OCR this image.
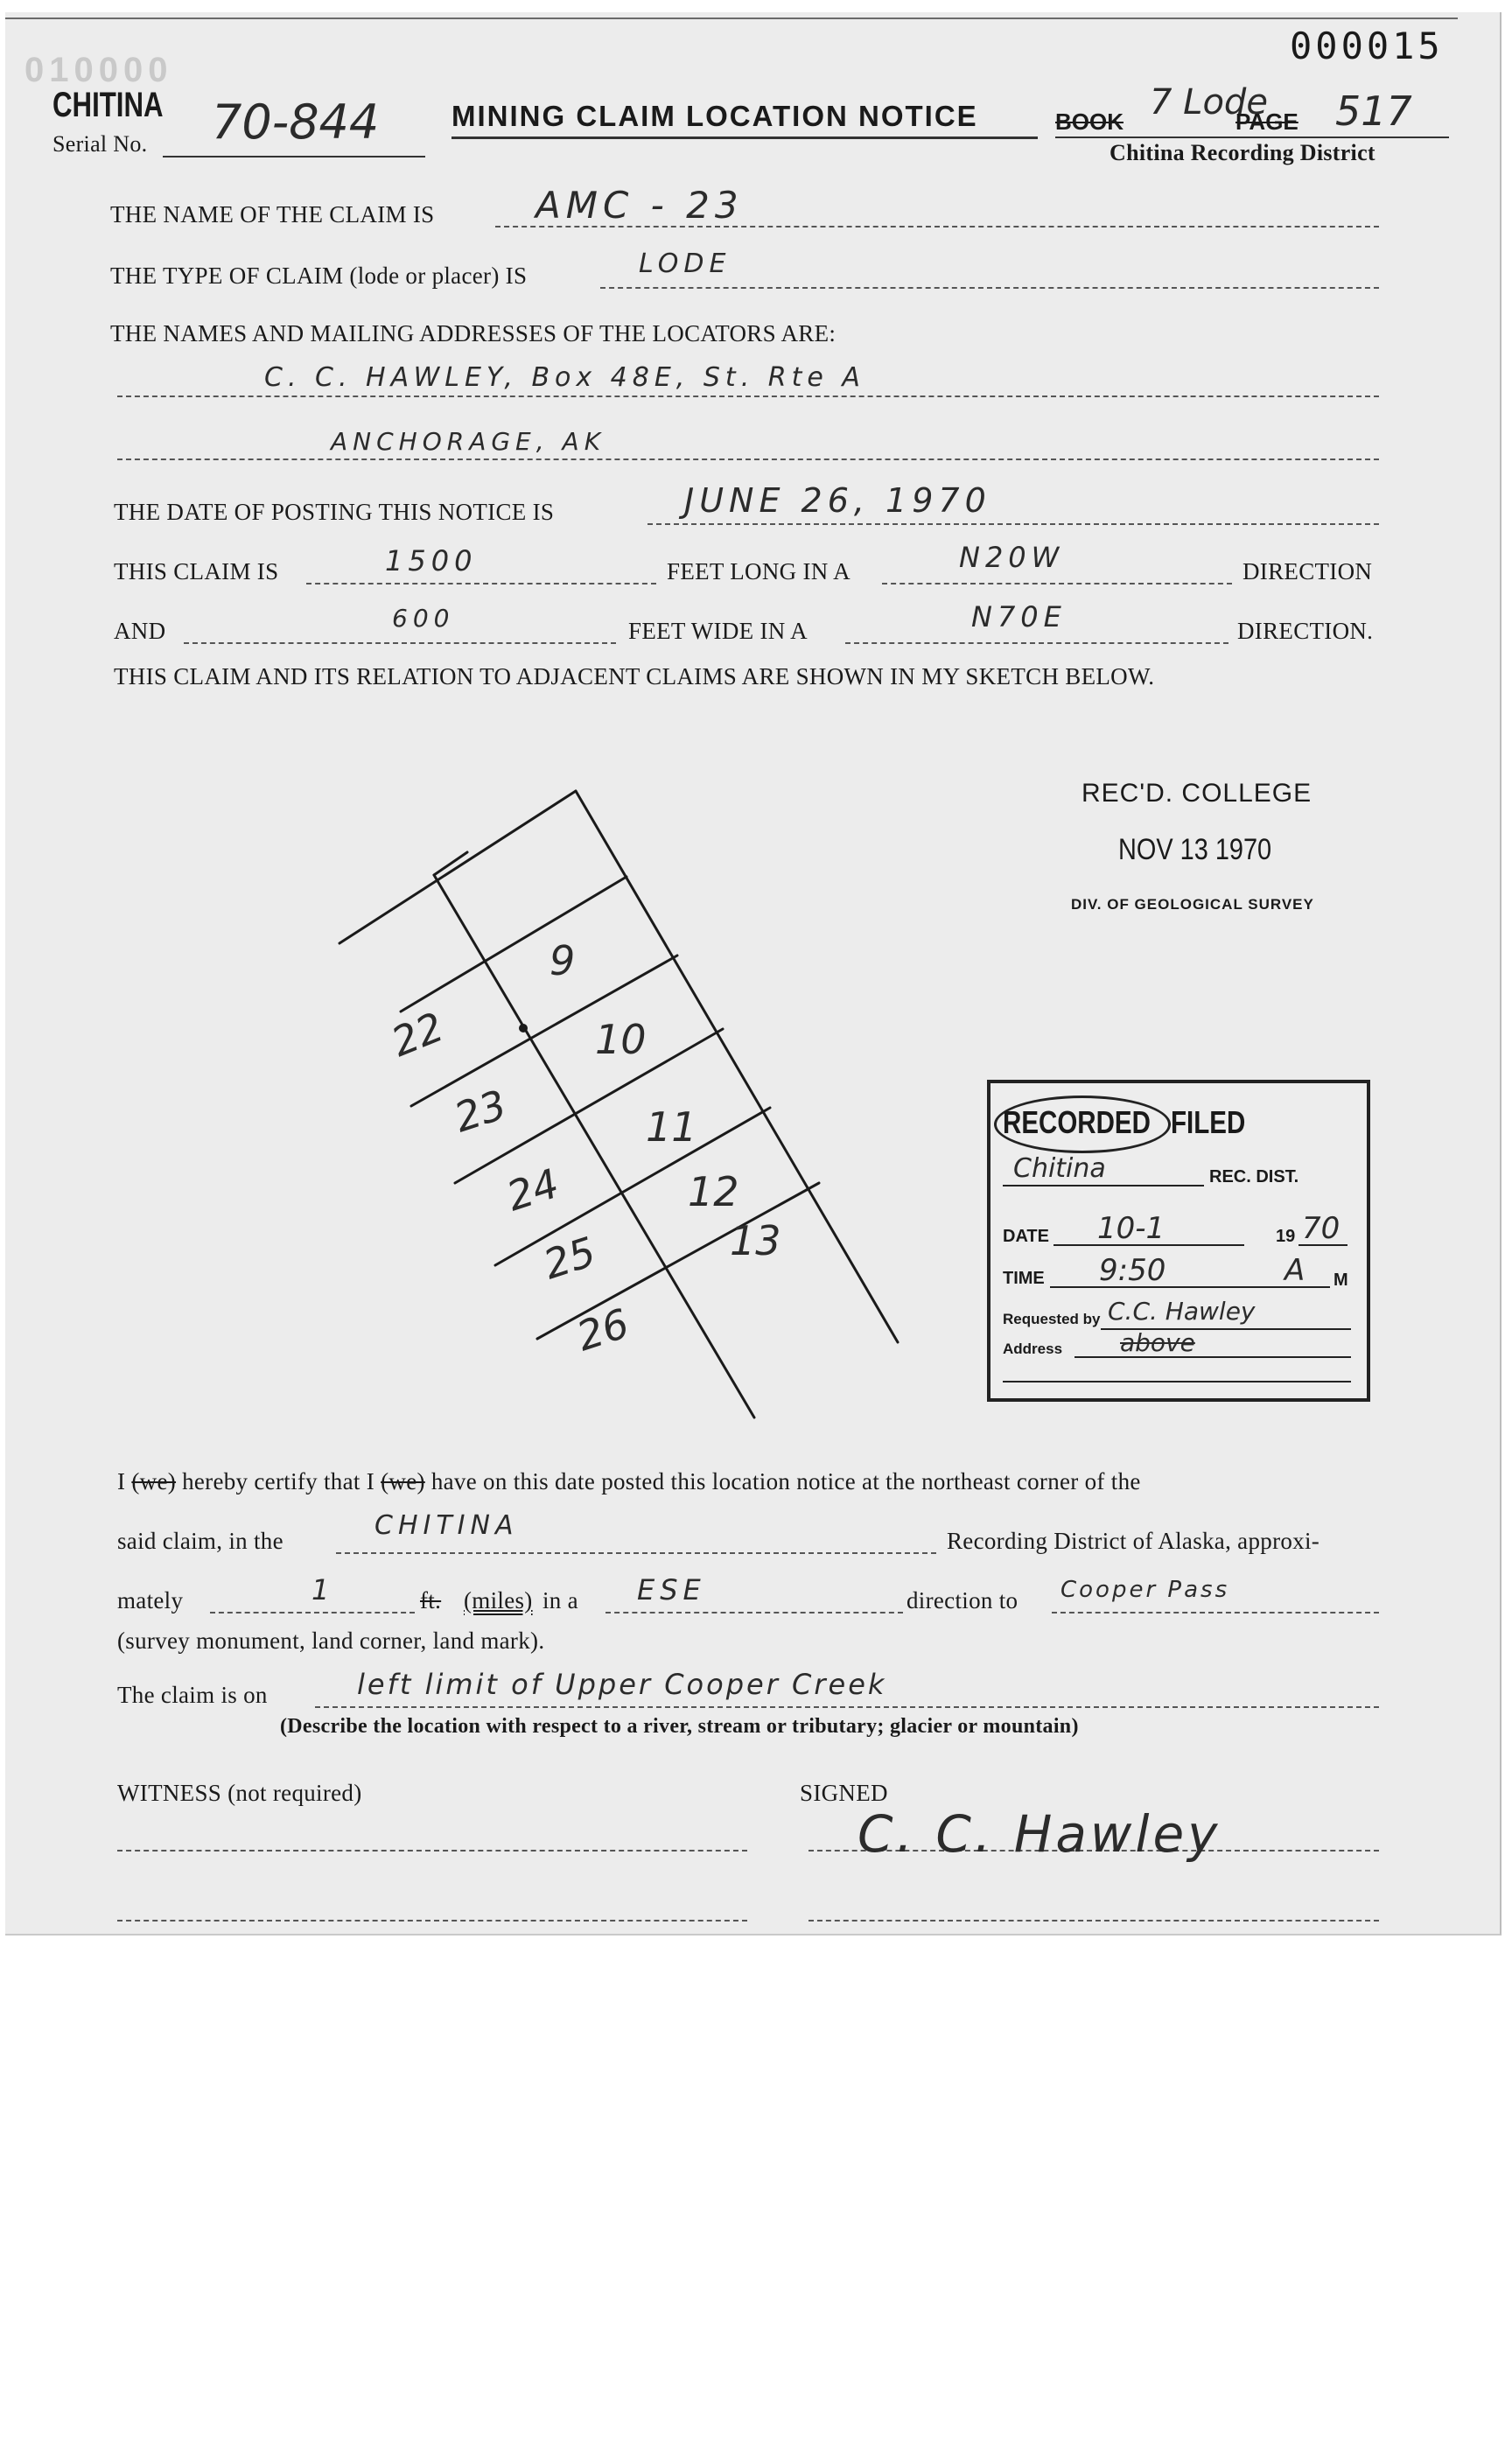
010000
000015
CHITINA
Serial No. 70-844	MINING CLAIM LOCATION NOTICE	BOOK 7 Lode
PAGE 517
Chitina Recording District
THE NAME OF THE CLAIM IS	AMC - 23
THE TYPE OF CLAIM (lode or placer) IS	LODE
THE NAMES AND MAILING ADDRESSES OF THE LOCATORS ARE:
C. C. HAWLEY, Box 48E, St. Rte A
ANCHORAGE, AK
THE DATE OF POSTING THIS NOTICE IS	JUNE 26, 1970
THIS CLAIM IS	1500	FEET LONG IN A	N20W	DIRECTION
AND	600	FEET WIDE IN A	N70E	DIRECTION.
THIS CLAIM AND ITS RELATION TO ADJACENT CLAIMS ARE SHOWN IN MY SKETCH BELOW.
REC'D. COLLEGE
NOV 13 1970
DIV. OF GEOLOGICAL SURVEY
9
10
11
12
13
22
23
24
25
26
RECORDED FILED
Chitina	REC. DIST.
DATE 10-1	19 70
TIME 9:50	A M
Requested by C.C. Hawley
Address above
I (we) hereby certify that I (we) have on this date posted this location notice at the northeast corner of the
said claim, in the	CHITINA	Recording District of Alaska, approxi-
mately	1	ft. (miles) in a ESE	direction to Cooper Pass
(survey monument, land corner, land mark).
The claim is on	left limit of Upper Cooper Creek
(Describe the location with respect to a river, stream or tributary; glacier or mountain)
WITNESS (not required)	SIGNED
C. C. Hawley
